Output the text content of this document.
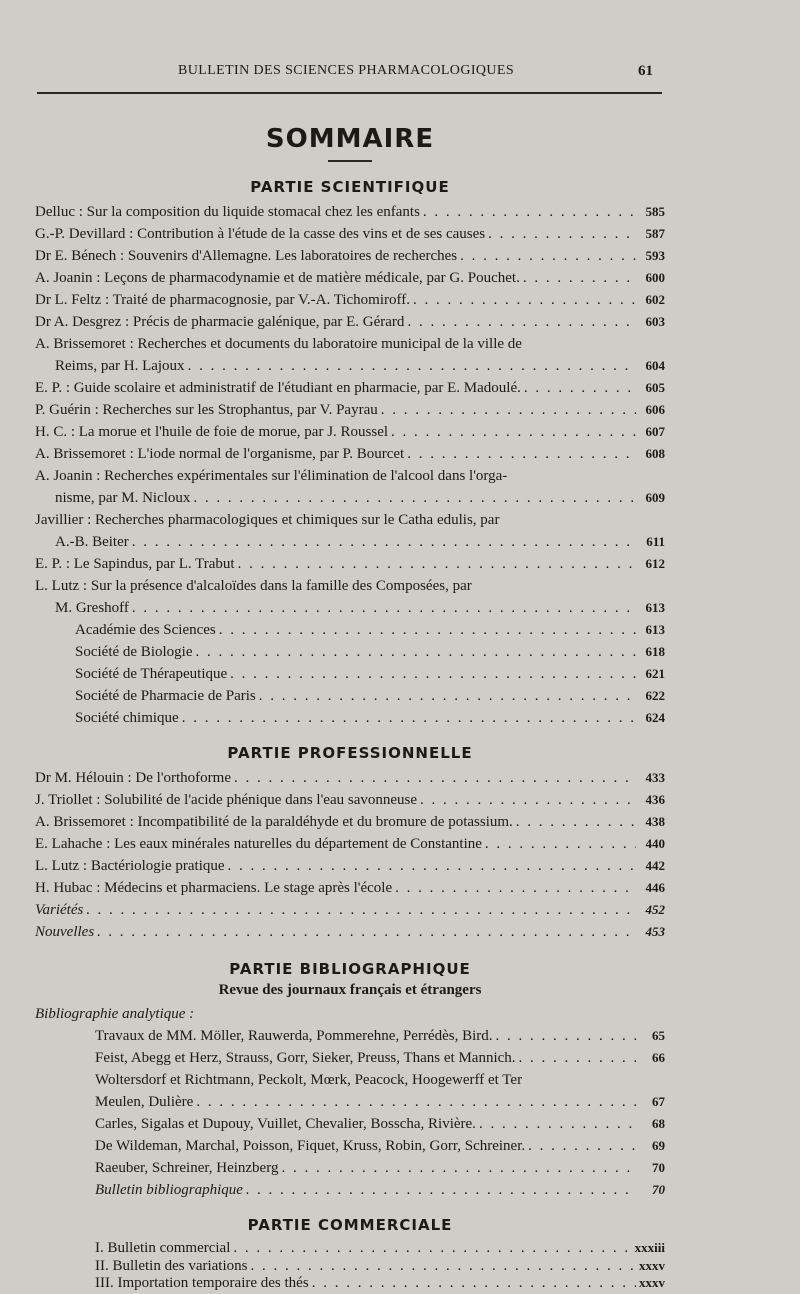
BULLETIN DES SCIENCES PHARMACOLOGIQUES	61
SOMMAIRE
PARTIE SCIENTIFIQUE
Delluc : Sur la composition du liquide stomacal chez les enfants . . .	585
G.-P. Devillard : Contribution à l'étude de la casse des vins et de ses causes . . .	587
Dr E. Bénech : Souvenirs d'Allemagne. Les laboratoires de recherches . . .	593
A. Joanin : Leçons de pharmacodynamie et de matière médicale, par G. Pouchet. . . .	600
Dr L. Feltz : Traité de pharmacognosie, par V.-A. Tichomiroff. . . .	602
Dr A. Desgrez : Précis de pharmacie galénique, par E. Gérard . . .	603
A. Brissemoret : Recherches et documents du laboratoire municipal de la ville de
Reims, par H. Lajoux . . .	604
E. P. : Guide scolaire et administratif de l'étudiant en pharmacie, par E. Madoulé. . . .	605
P. Guérin : Recherches sur les Strophantus, par V. Payrau . . .	606
H. C. : La morue et l'huile de foie de morue, par J. Roussel . . .	607
A. Brissemoret : L'iode normal de l'organisme, par P. Bourcet . . .	608
A. Joanin : Recherches expérimentales sur l'élimination de l'alcool dans l'orga-
nisme, par M. Nicloux . . .	609
Javillier : Recherches pharmacologiques et chimiques sur le Catha edulis, par
A.-B. Beiter . . .	611
E. P. : Le Sapindus, par L. Trabut . . .	612
L. Lutz : Sur la présence d'alcaloïdes dans la famille des Composées, par
M. Greshoff . . .	613
Académie des Sciences . . .	613
Société de Biologie . . .	618
Société de Thérapeutique . . .	621
Société de Pharmacie de Paris . . .	622
Société chimique . . .	624
PARTIE PROFESSIONNELLE
Dr M. Hélouin : De l'orthoforme . . .	433
J. Triollet : Solubilité de l'acide phénique dans l'eau savonneuse . . .	436
A. Brissemoret : Incompatibilité de la paraldéhyde et du bromure de potassium. . . .	438
E. Lahache : Les eaux minérales naturelles du département de Constantine . . .	440
L. Lutz : Bactériologie pratique . . .	442
H. Hubac : Médecins et pharmaciens. Le stage après l'école . . .	446
Variétés . . .	452
Nouvelles . . .	453
PARTIE BIBLIOGRAPHIQUE
Revue des journaux français et étrangers
Bibliographie analytique :
Travaux de MM. Möller, Rauwerda, Pommerehne, Perrédès, Bird. . . .	65
Feist, Abegg et Herz, Strauss, Gorr, Sieker, Preuss, Thans et Mannich. . . .	66
Woltersdorf et Richtmann, Peckolt, Mœrk, Peacock, Hoogewerff et Ter
Meulen, Dulière . . .	67
Carles, Sigalas et Dupouy, Vuillet, Chevalier, Bosscha, Rivière. . . .	68
De Wildeman, Marchal, Poisson, Fiquet, Kruss, Robin, Gorr, Schreiner. . . .	69
Raeuber, Schreiner, Heinzberg . . .	70
Bulletin bibliographique . . .	70
PARTIE COMMERCIALE
I. Bulletin commercial . . .	xxxiii
II. Bulletin des variations . . .	xxxv
III. Importation temporaire des thés . . .	xxxv
